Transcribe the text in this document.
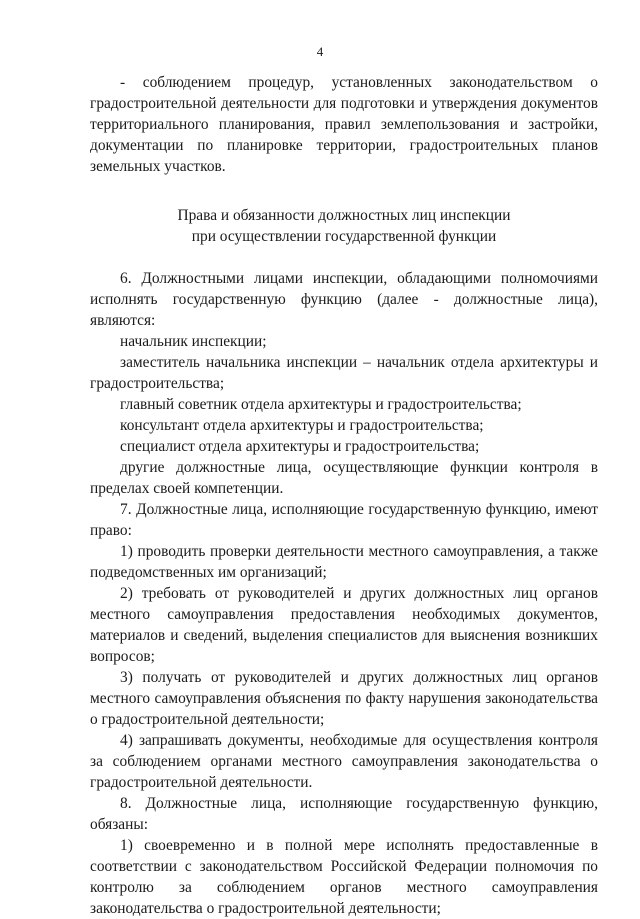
4

- соблюдением процедур, установленных законодательством о градостроительной деятельности для подготовки и утверждения документов территориального планирования, правил землепользования и застройки, документации по планировке территории, градостроительных планов земельных участков.

Права и обязанности должностных лиц инспекции
при осуществлении государственной функции

6. Должностными лицами инспекции, обладающими полномочиями исполнять государственную функцию (далее - должностные лица), являются:

начальник инспекции;

заместитель начальника инспекции – начальник отдела архитектуры и градостроительства;

главный советник отдела архитектуры и градостроительства;

консультант отдела архитектуры и градостроительства;

специалист отдела архитектуры и градостроительства;

другие должностные лица, осуществляющие функции контроля в пределах своей компетенции.

7. Должностные лица, исполняющие государственную функцию, имеют право:

1) проводить проверки деятельности местного самоуправления, а также подведомственных им организаций;

2) требовать от руководителей и других должностных лиц органов местного самоуправления предоставления необходимых документов, материалов и сведений, выделения специалистов для выяснения возникших вопросов;

3) получать от руководителей и других должностных лиц органов местного самоуправления объяснения по факту нарушения законодательства о градостроительной деятельности;

4) запрашивать документы, необходимые для осуществления контроля за соблюдением органами местного самоуправления законодательства о градостроительной деятельности.

8. Должностные лица, исполняющие государственную функцию, обязаны:

1) своевременно и в полной мере исполнять предоставленные в соответствии с законодательством Российской Федерации полномочия по контролю за соблюдением органов местного самоуправления законодательства о градостроительной деятельности;
